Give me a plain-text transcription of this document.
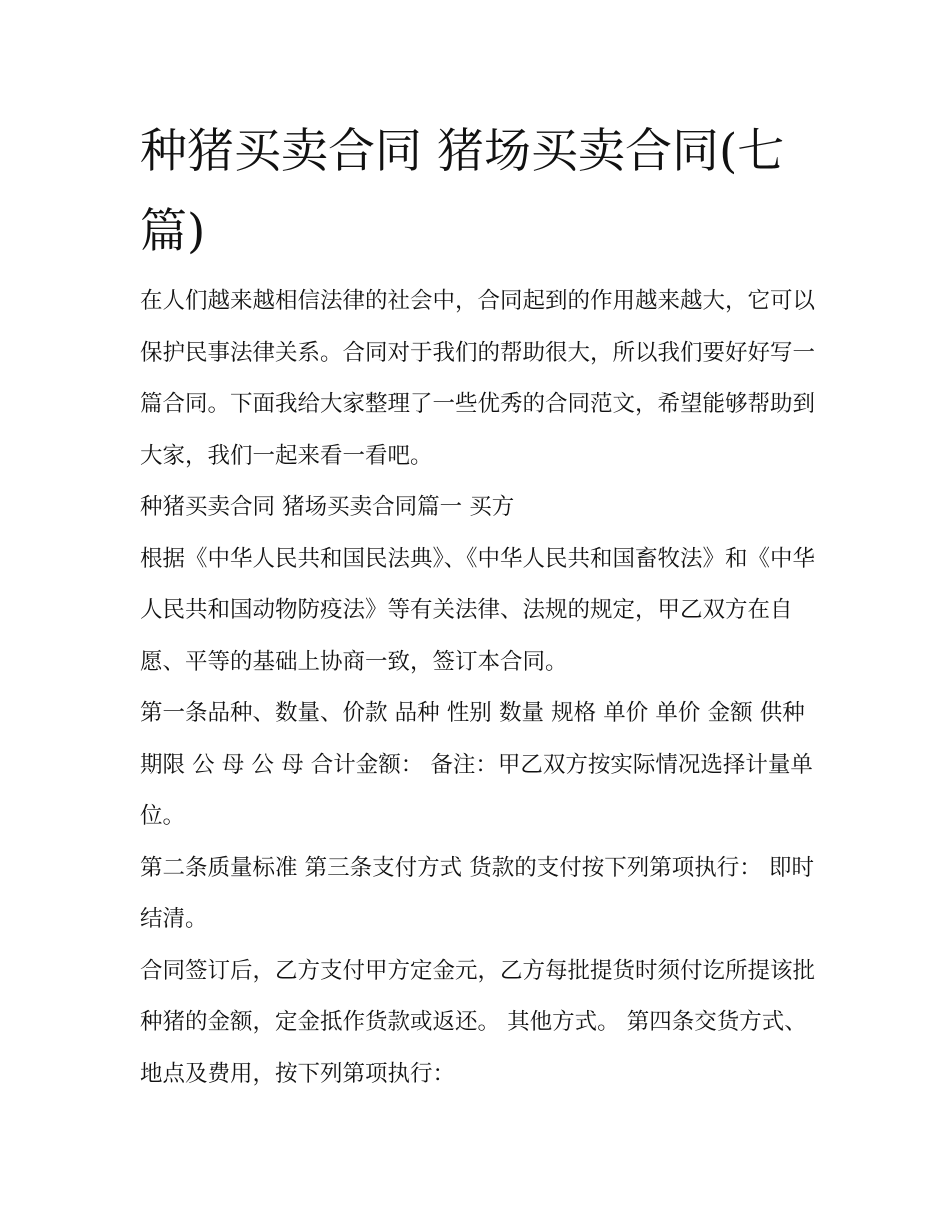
种猪买卖合同 猪场买卖合同(七篇)

在人们越来越相信法律的社会中，合同起到的作用越来越大，它可以保护民事法律关系。合同对于我们的帮助很大，所以我们要好好写一篇合同。下面我给大家整理了一些优秀的合同范文，希望能够帮助到大家，我们一起来看一看吧。

种猪买卖合同 猪场买卖合同篇一 买方

根据《中华人民共和国民法典》、《中华人民共和国畜牧法》和《中华人民共和国动物防疫法》等有关法律、法规的规定，甲乙双方在自愿、平等的基础上协商一致，签订本合同。

第一条品种、数量、价款 品种 性别 数量 规格 单价 单价 金额 供种 期限 公 母 公 母 合计金额： 备注：甲乙双方按实际情况选择计量单位。

第二条质量标准 第三条支付方式 货款的支付按下列第项执行： 即时结清。

合同签订后，乙方支付甲方定金元，乙方每批提货时须付讫所提该批种猪的金额，定金抵作货款或返还。 其他方式。 第四条交货方式、地点及费用，按下列第项执行：
